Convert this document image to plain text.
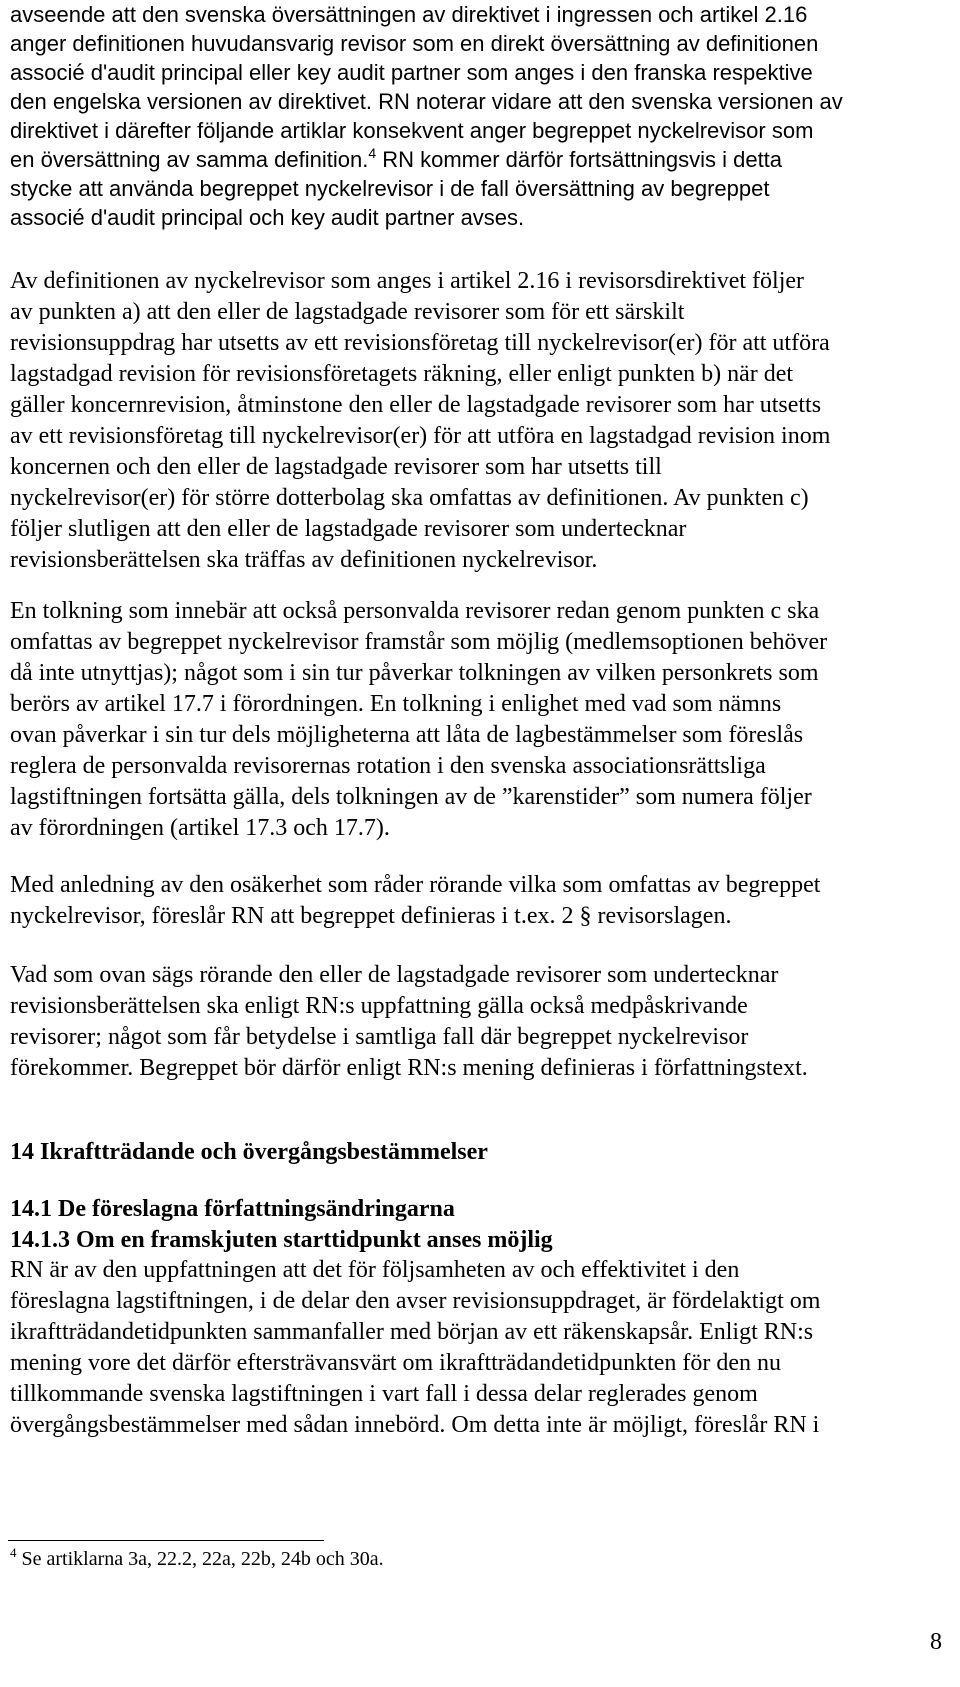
avseende att den svenska översättningen av direktivet i ingressen och artikel 2.16

anger definitionen huvudansvarig revisor som en direkt översättning av definitionen

associé d'audit principal eller key audit partner som anges i den franska respektive

den engelska versionen av direktivet. RN noterar vidare att den svenska versionen av

direktivet i därefter följande artiklar konsekvent anger begreppet nyckelrevisor som

en översättning av samma definition.$^4$ RN kommer därför fortsättningsvis i detta

stycke att använda begreppet nyckelrevisor i de fall översättning av begreppet

associé d'audit principal och key audit partner avses.

Av definitionen av nyckelrevisor som anges i artikel 2.16 i revisorsdirektivet följer

av punkten a) att den eller de lagstadgade revisorer som för ett särskilt

revisionsuppdrag har utsetts av ett revisionsföretag till nyckelrevisor(er) för att utföra

lagstadgad revision för revisionsföretagets räkning, eller enligt punkten b) när det

gäller koncernrevision, åtminstone den eller de lagstadgade revisorer som har utsetts

av ett revisionsföretag till nyckelrevisor(er) för att utföra en lagstadgad revision inom

koncernen och den eller de lagstadgade revisorer som har utsetts till

nyckelrevisor(er) för större dotterbolag ska omfattas av definitionen. Av punkten c)

följer slutligen att den eller de lagstadgade revisorer som undertecknar

revisionsberättelsen ska träffas av definitionen nyckelrevisor.

En tolkning som innebär att också personvalda revisorer redan genom punkten c ska

omfattas av begreppet nyckelrevisor framstår som möjlig (medlemsoptionen behöver

då inte utnyttjas); något som i sin tur påverkar tolkningen av vilken personkrets som

berörs av artikel 17.7 i förordningen. En tolkning i enlighet med vad som nämns

ovan påverkar i sin tur dels möjligheterna att låta de lagbestämmelser som föreslås

reglera de personvalda revisorernas rotation i den svenska associationsrättsliga

lagstiftningen fortsätta gälla, dels tolkningen av de ”karenstider” som numera följer

av förordningen (artikel 17.3 och 17.7).

Med anledning av den osäkerhet som råder rörande vilka som omfattas av begreppet

nyckelrevisor, föreslår RN att begreppet definieras i t.ex. 2 § revisorslagen.

Vad som ovan sägs rörande den eller de lagstadgade revisorer som undertecknar

revisionsberättelsen ska enligt RN:s uppfattning gälla också medpåskrivande

revisorer; något som får betydelse i samtliga fall där begreppet nyckelrevisor

förekommer. Begreppet bör därför enligt RN:s mening definieras i författningstext.

14 Ikraftträdande och övergångsbestämmelser
14.1 De föreslagna författningsändringarna
14.1.3 Om en framskjuten starttidpunkt anses möjlig

RN är av den uppfattningen att det för följsamheten av och effektivitet i den

föreslagna lagstiftningen, i de delar den avser revisionsuppdraget, är fördelaktigt om

ikraftträdandetidpunkten sammanfaller med början av ett räkenskapsår. Enligt RN:s

mening vore det därför eftersträvansvärt om ikraftträdandetidpunkten för den nu

tillkommande svenska lagstiftningen i vart fall i dessa delar reglerades genom

övergångsbestämmelser med sådan innebörd. Om detta inte är möjligt, föreslår RN i

$^4$ Se artiklarna 3a, 22.2, 22a, 22b, 24b och 30a.
8
